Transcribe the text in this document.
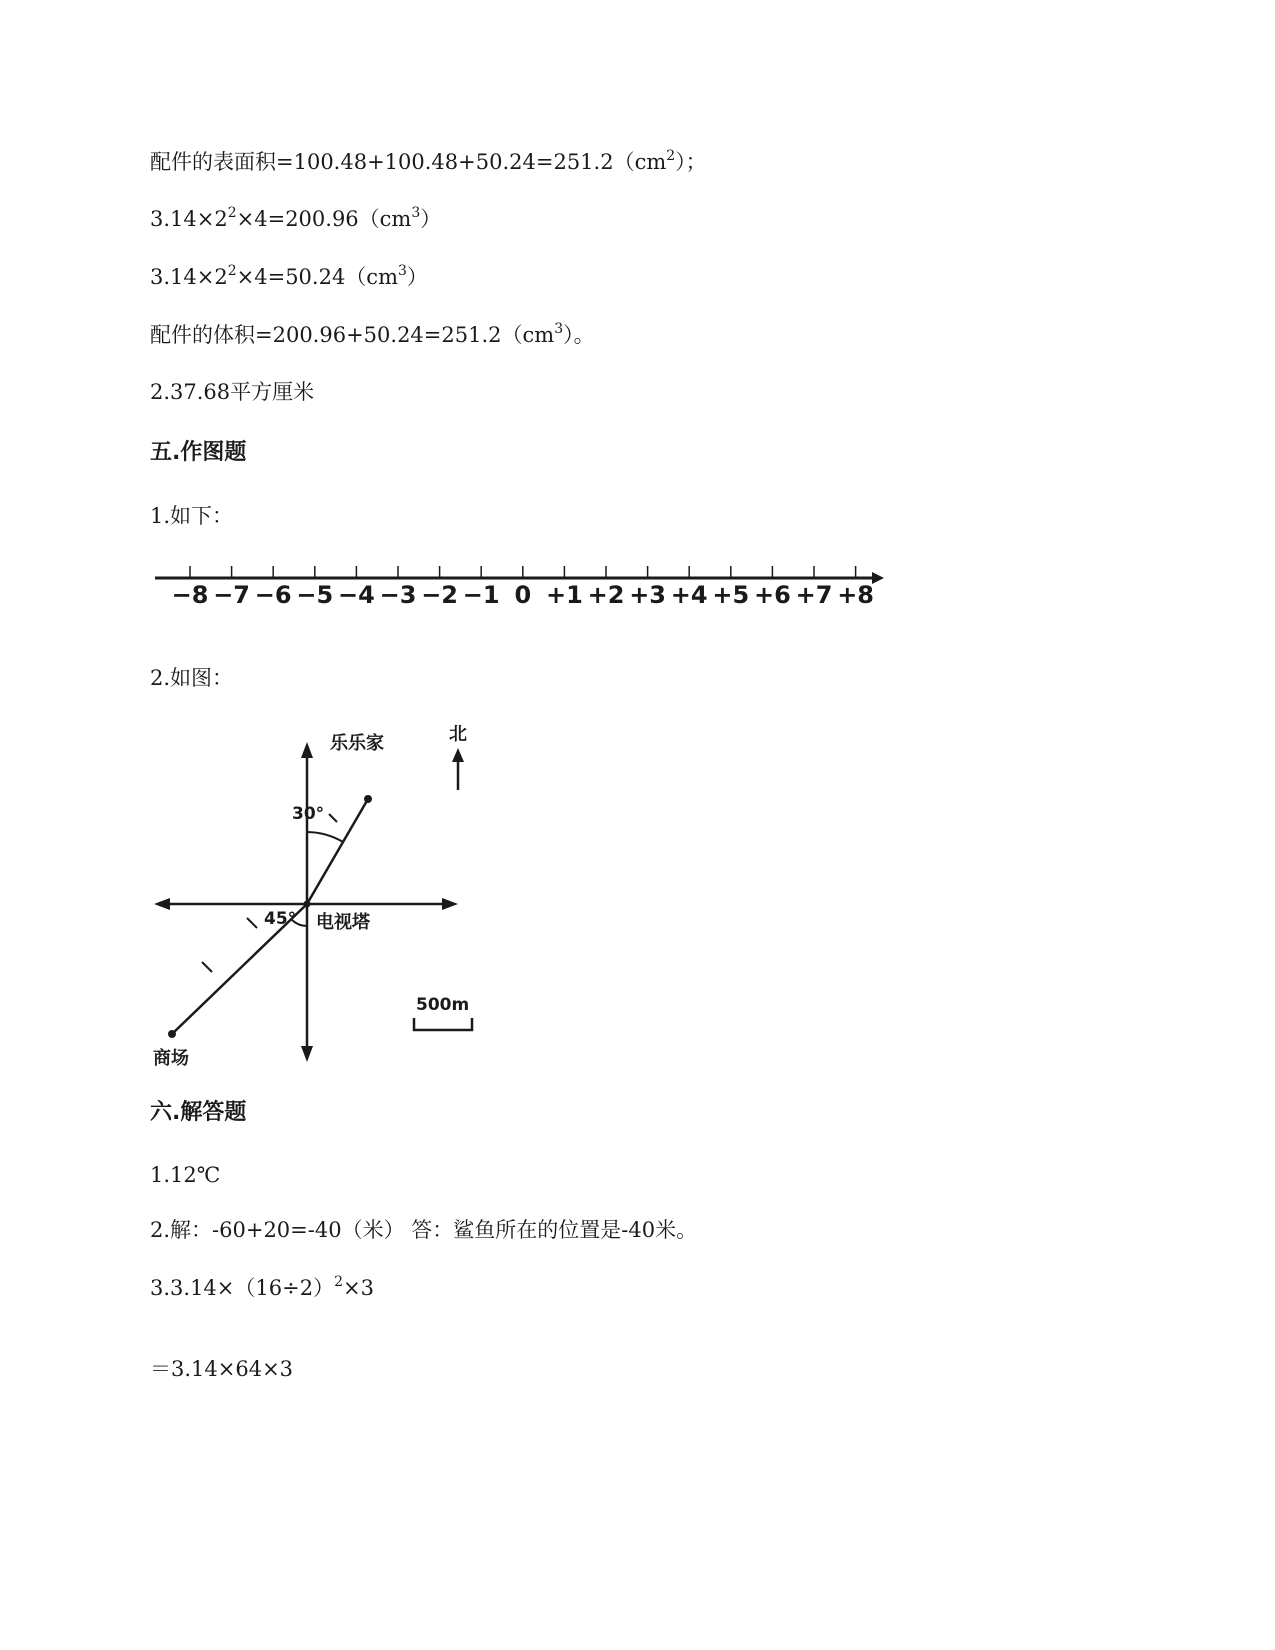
配件的表面积$=100.48+100.48+50.24=251.2(cm^2)$；
$3.14\times 2^2\times 4=200.96(cm^3)$
$3.14\times 2^2\times 4=50.24(cm^3)$
配件的体积$=200.96+50.24=251.2(cm^3)$。
2.37.68平方厘米
五.作图题
1.如下：
−8 −7 −6 −5 −4 −3 −2 −1 0 +1 +2 +3 +4 +5 +6 +7 +8
2.如图：
乐乐家
30°
45° 电视塔
商场
北
500m
六.解答题
1.12℃
2.解：-60+20=-40（米） 答：鲨鱼所在的位置是-40米。
$3.3.14\times(16\div 2)^2\times 3$
＝3.14×64×3
